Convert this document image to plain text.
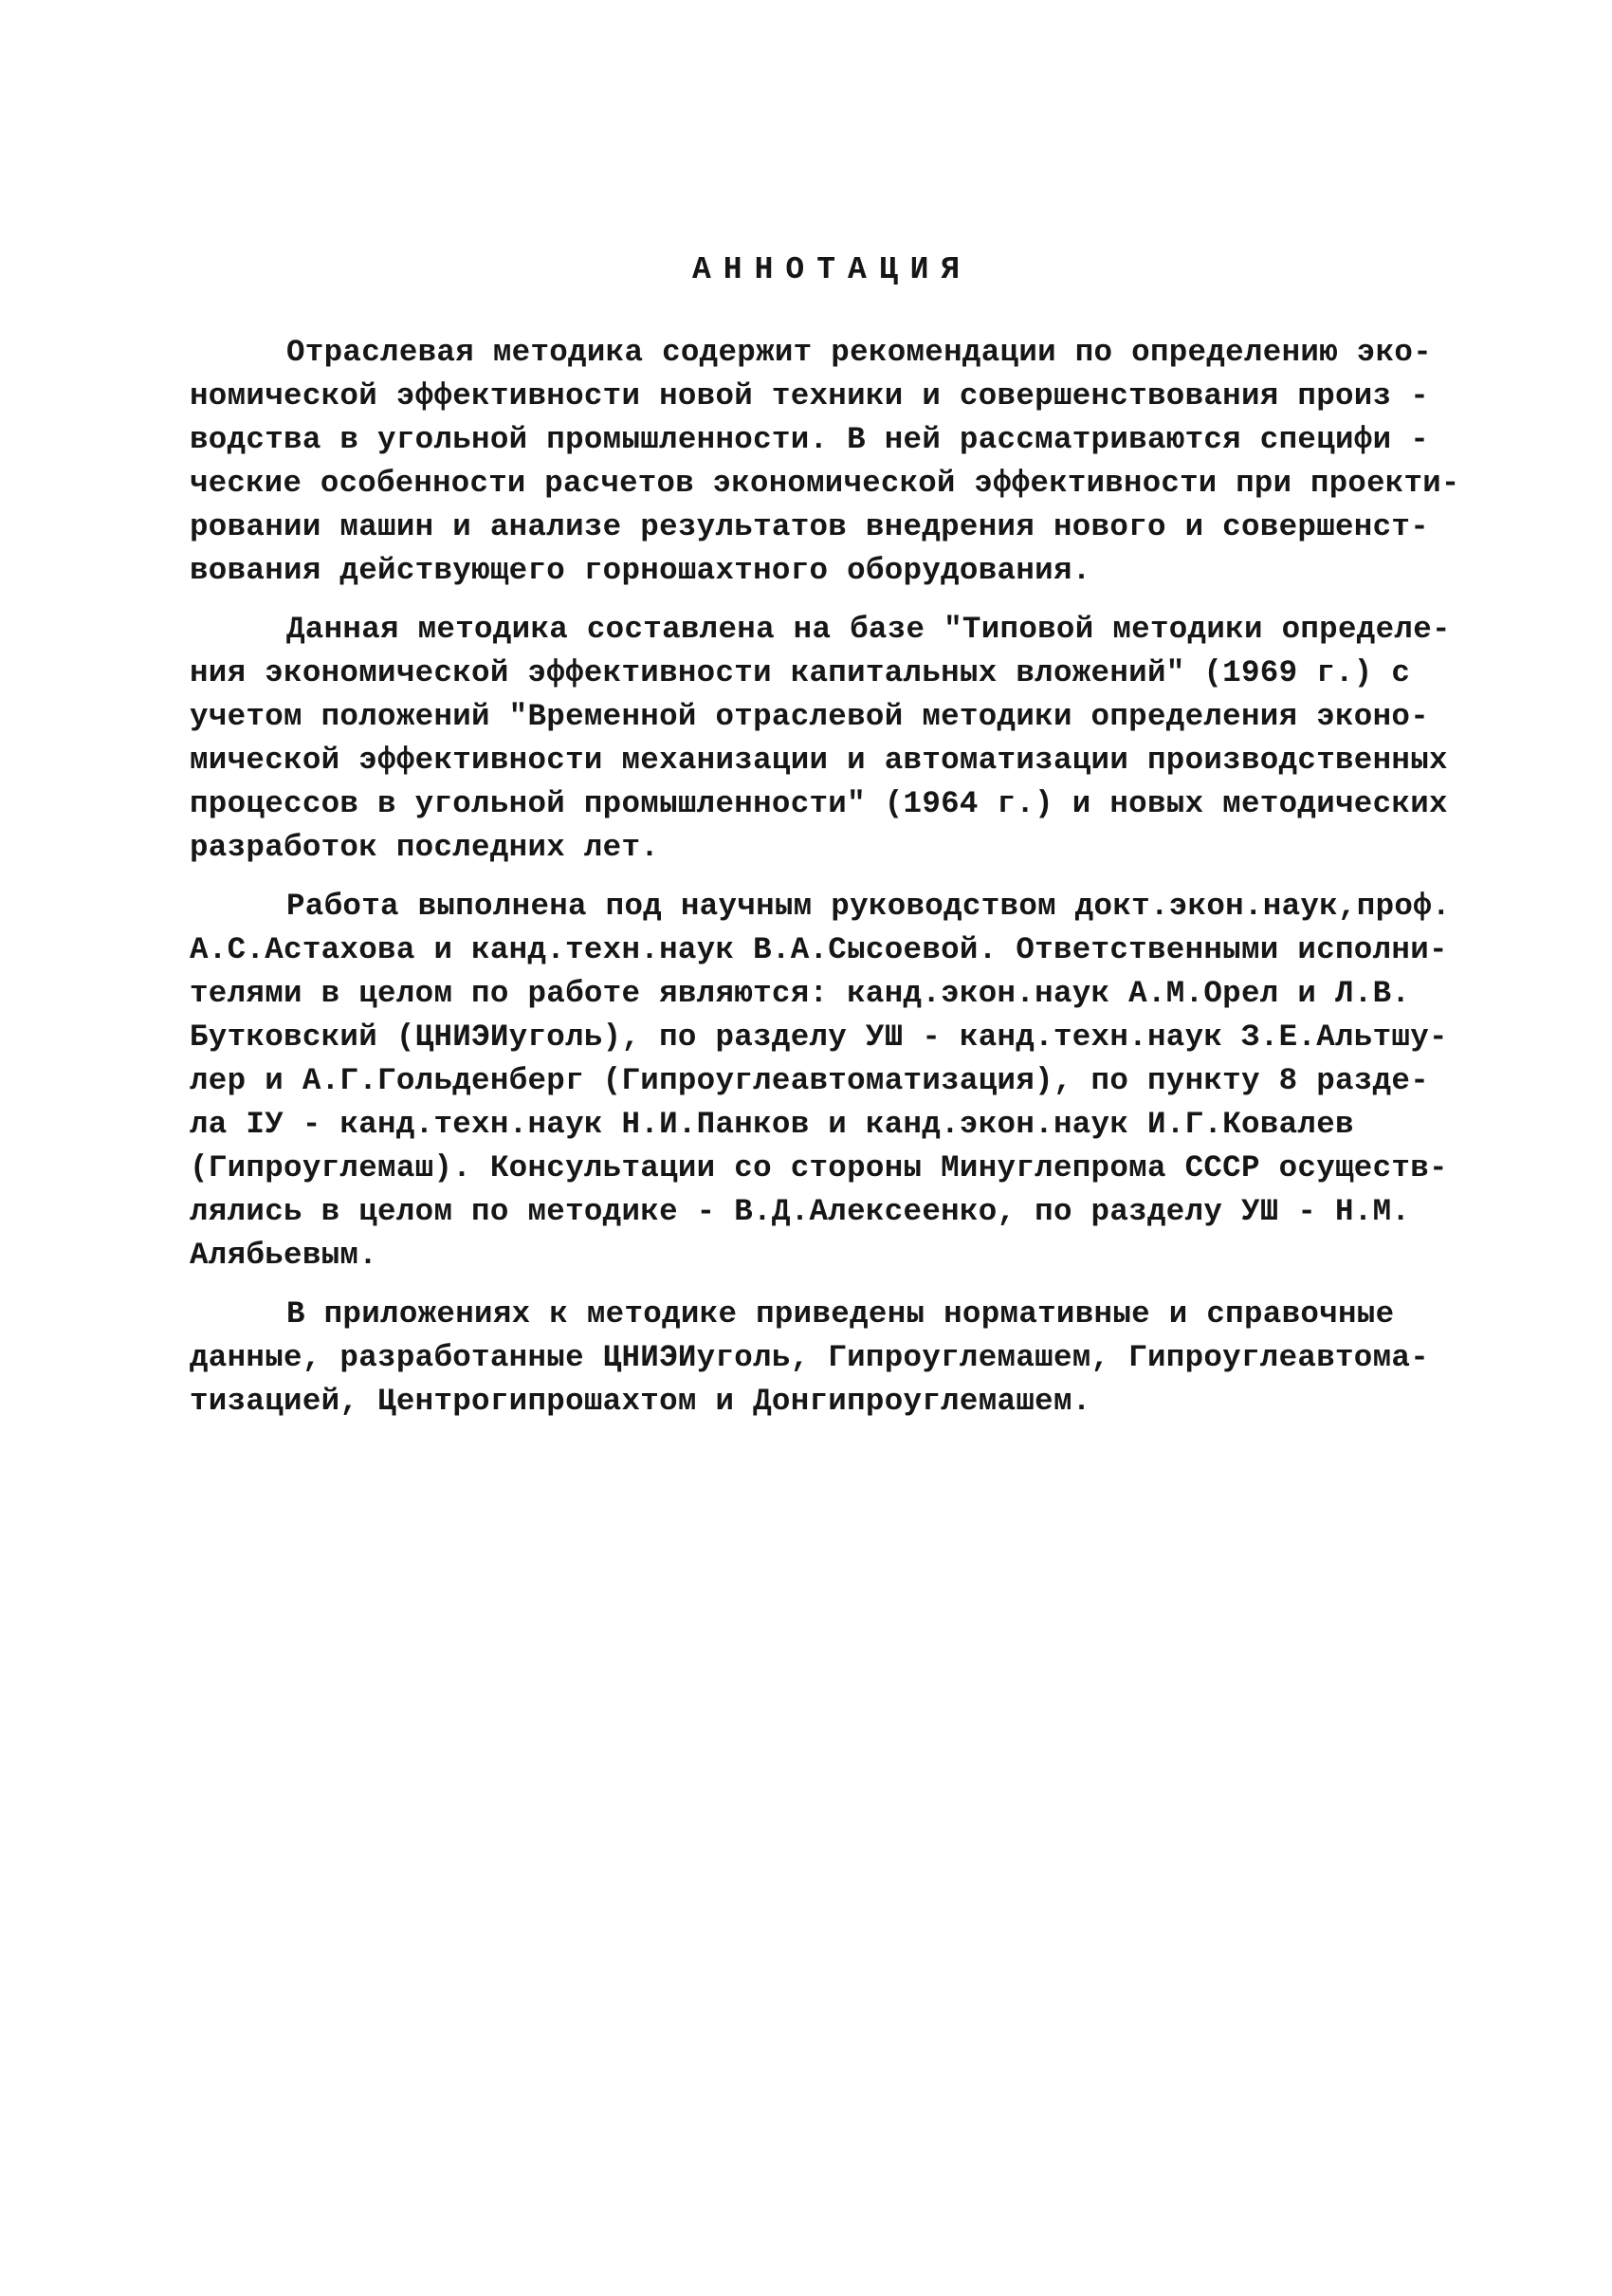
АННОТАЦИЯ
Отраслевая методика содержит рекомендации по определению эко-
номической эффективности новой техники и совершенствования произ -
водства в угольной промышленности. В ней рассматриваются специфи -
ческие особенности расчетов экономической эффективности при проекти-
ровании машин и анализе результатов внедрения нового и совершенст-
вования действующего горношахтного оборудования.
Данная методика составлена на базе "Типовой методики определе-
ния экономической эффективности капитальных вложений" (1969 г.) с
учетом положений "Временной отраслевой методики определения эконо-
мической эффективности механизации и автоматизации производственных
процессов в угольной промышленности" (1964 г.) и новых методических
разработок последних лет.
Работа выполнена под научным руководством докт.экон.наук,проф.
А.С.Астахова и канд.техн.наук В.А.Сысоевой. Ответственными исполни-
телями в целом по работе являются: канд.экон.наук А.М.Орел и Л.В.
Бутковский (ЦНИЭИуголь), по разделу УШ - канд.техн.наук З.Е.Альтшу-
лер и А.Г.Гольденберг (Гипроуглеавтоматизация), по пункту 8 разде-
ла IУ - канд.техн.наук Н.И.Панков и канд.экон.наук И.Г.Ковалев
(Гипроуглемаш). Консультации со стороны Минуглепрома СССР осуществ-
лялись в целом по методике - В.Д.Алексеенко, по разделу УШ - Н.М.
Алябьевым.
В приложениях к методике приведены нормативные и справочные
данные, разработанные ЦНИЭИуголь, Гипроуглемашем, Гипроуглеавтома-
тизацией, Центрогипрошахтом и Донгипроуглемашем.
